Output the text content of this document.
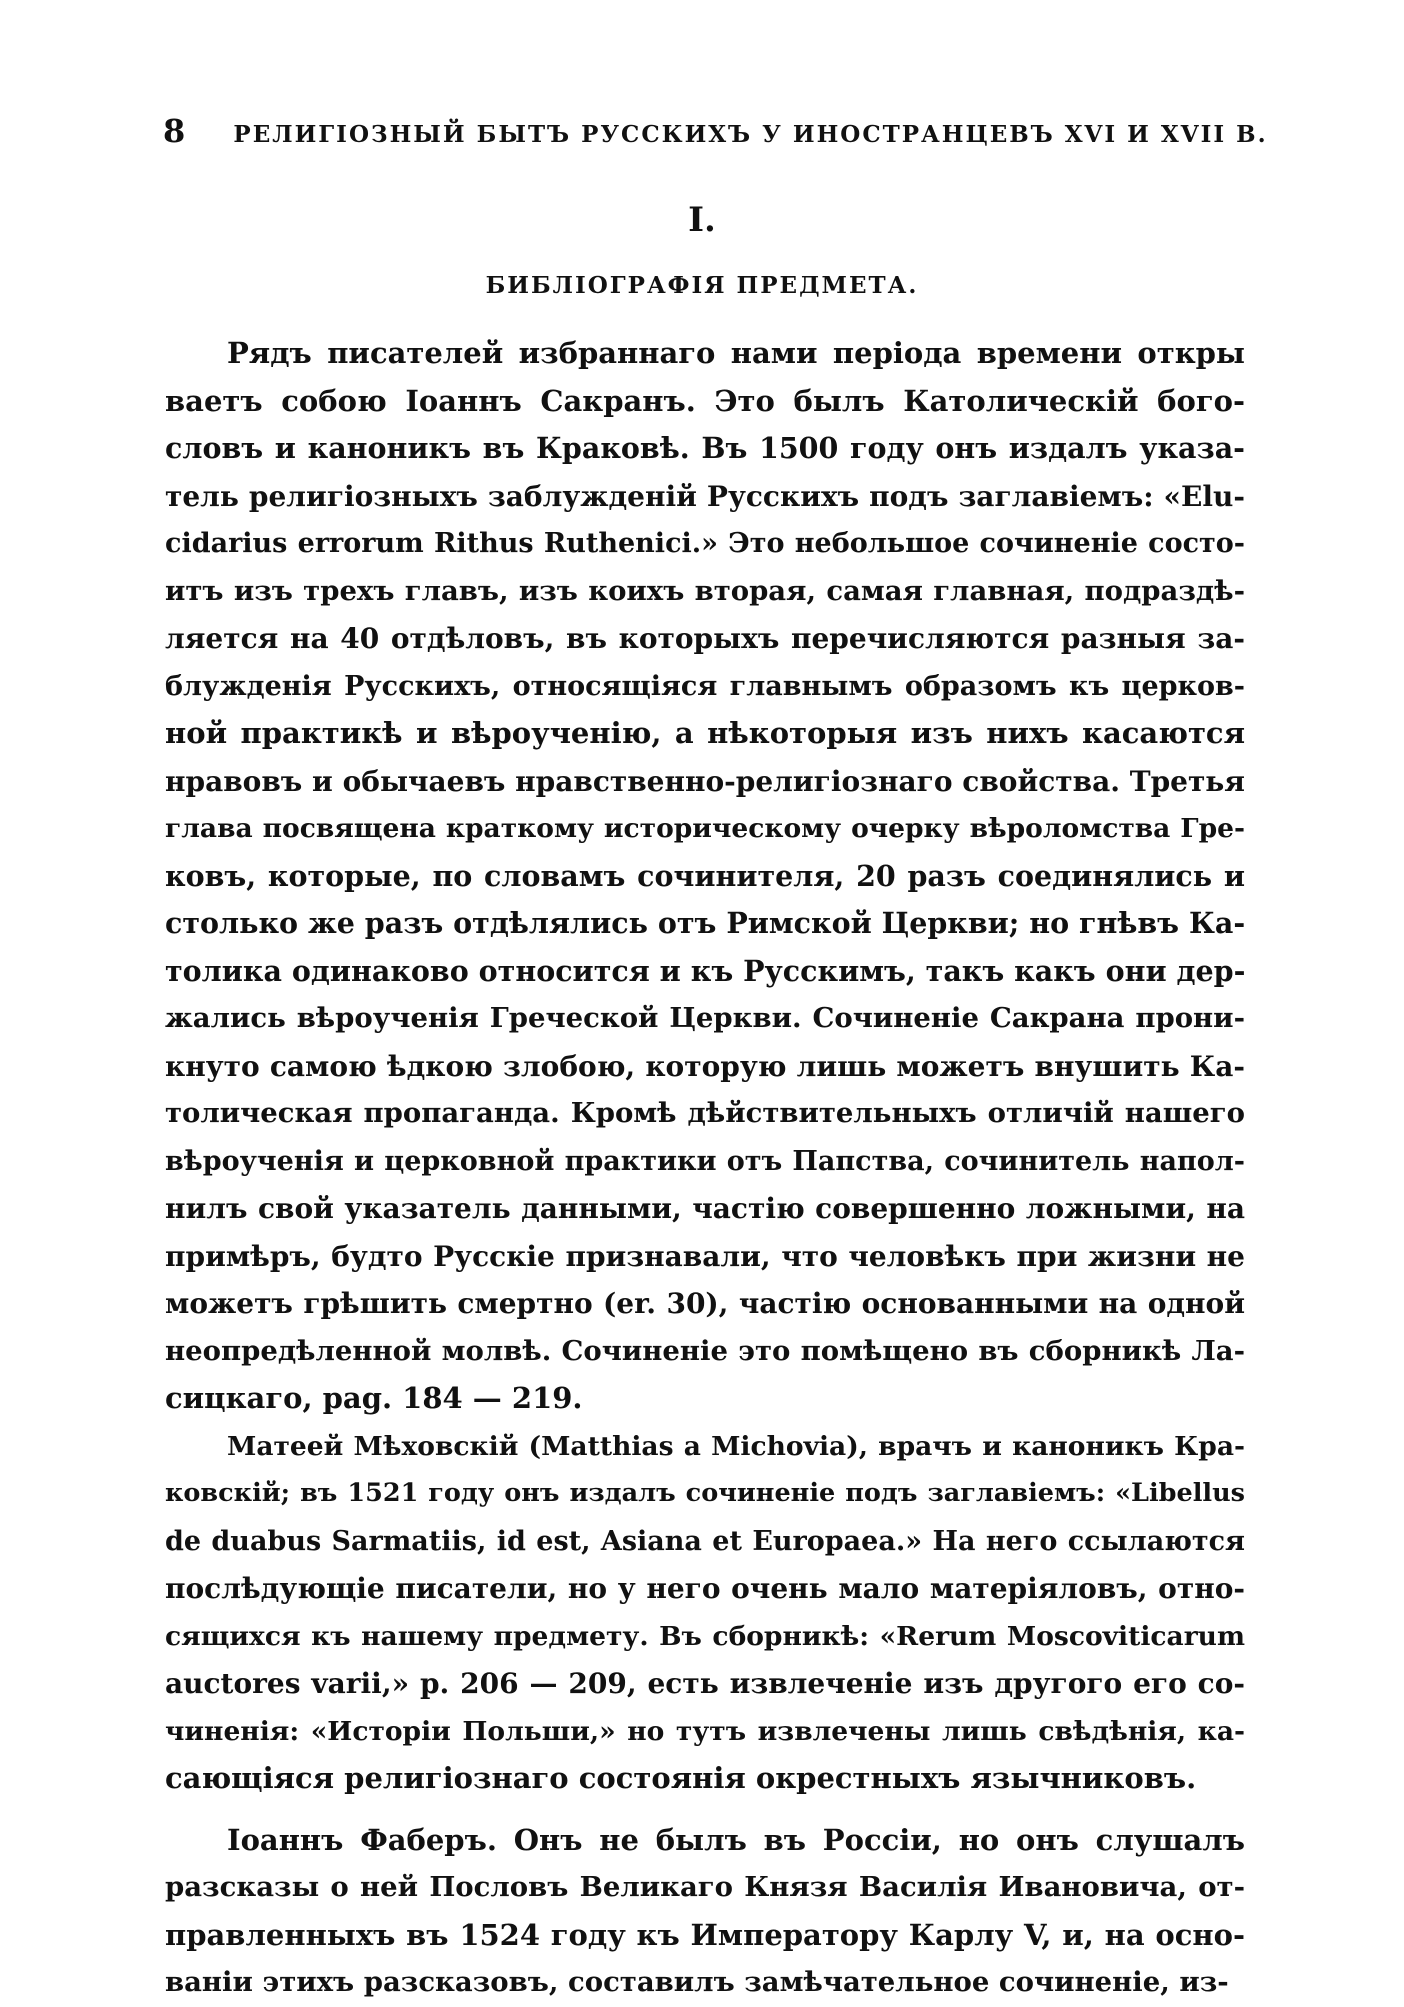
8 РЕЛИГІОЗНЫЙ БЫТЪ РУССКИХЪ У ИНОСТРАНЦЕВЪ XVI И XVII В.
I.
БИБЛІОГРАФІЯ ПРЕДМЕТА.
Рядъ писателей избраннаго нами періода времени откры
ваетъ собою Іоаннъ Сакранъ. Это былъ Католическій бого-
словъ и каноникъ въ Краковѣ. Въ 1500 году онъ издалъ указа-
тель религіозныхъ заблужденій Русскихъ подъ заглавіемъ: «Elu-
cidarius errorum Rithus Ruthenici.» Это небольшое сочиненіе состо-
итъ изъ трехъ главъ, изъ коихъ вторая, самая главная, подраздѣ-
ляется на 40 отдѣловъ, въ которыхъ перечисляются разныя за-
блужденія Русскихъ, относящіяся главнымъ образомъ къ церков-
ной практикѣ и вѣроученію, а нѣкоторыя изъ нихъ касаются
нравовъ и обычаевъ нравственно-религіознаго свойства. Третья
глава посвящена краткому историческому очерку вѣроломства Гре-
ковъ, которые, по словамъ сочинителя, 20 разъ соединялись и
столько же разъ отдѣлялись отъ Римской Церкви; но гнѣвъ Ка-
толика одинаково относится и къ Русскимъ, такъ какъ они дер-
жались вѣроученія Греческой Церкви. Сочиненіе Сакрана прони-
кнуто самою ѣдкою злобою, которую лишь можетъ внушить Ка-
толическая пропаганда. Кромѣ дѣйствительныхъ отличій нашего
вѣроученія и церковной практики отъ Папства, сочинитель напол-
нилъ свой указатель данными, частію совершенно ложными, на
примѣръ, будто Русскіе признавали, что человѣкъ при жизни не
можетъ грѣшить смертно (er. 30), частію основанными на одной
неопредѣленной молвѣ. Сочиненіе это помѣщено въ сборникѣ Ла-
сицкаго, pag. 184 — 219.
Матеей Мѣховскій (Matthias a Michovia), врачъ и каноникъ Кра-
ковскій; въ 1521 году онъ издалъ сочиненіе подъ заглавіемъ: «Libellus
de duabus Sarmatiis, id est, Asiana et Europaea.» На него ссылаются
послѣдующіе писатели, но у него очень мало матеріяловъ, отно-
сящихся къ нашему предмету. Въ сборникѣ: «Rerum Moscoviticarum
auctores varii,» p. 206 — 209, есть извлеченіе изъ другого его со-
чиненія: «Исторіи Польши,» но тутъ извлечены лишь свѣдѣнія, ка-
сающіяся религіознаго состоянія окрестныхъ язычниковъ.
Іоаннъ Фаберъ. Онъ не былъ въ Россіи, но онъ слушалъ
разсказы о ней Пословъ Великаго Князя Василія Ивановича, от-
правленныхъ въ 1524 году къ Императору Карлу V, и, на осно-
ваніи этихъ разсказовъ, составилъ замѣчательное сочиненіе, из-
